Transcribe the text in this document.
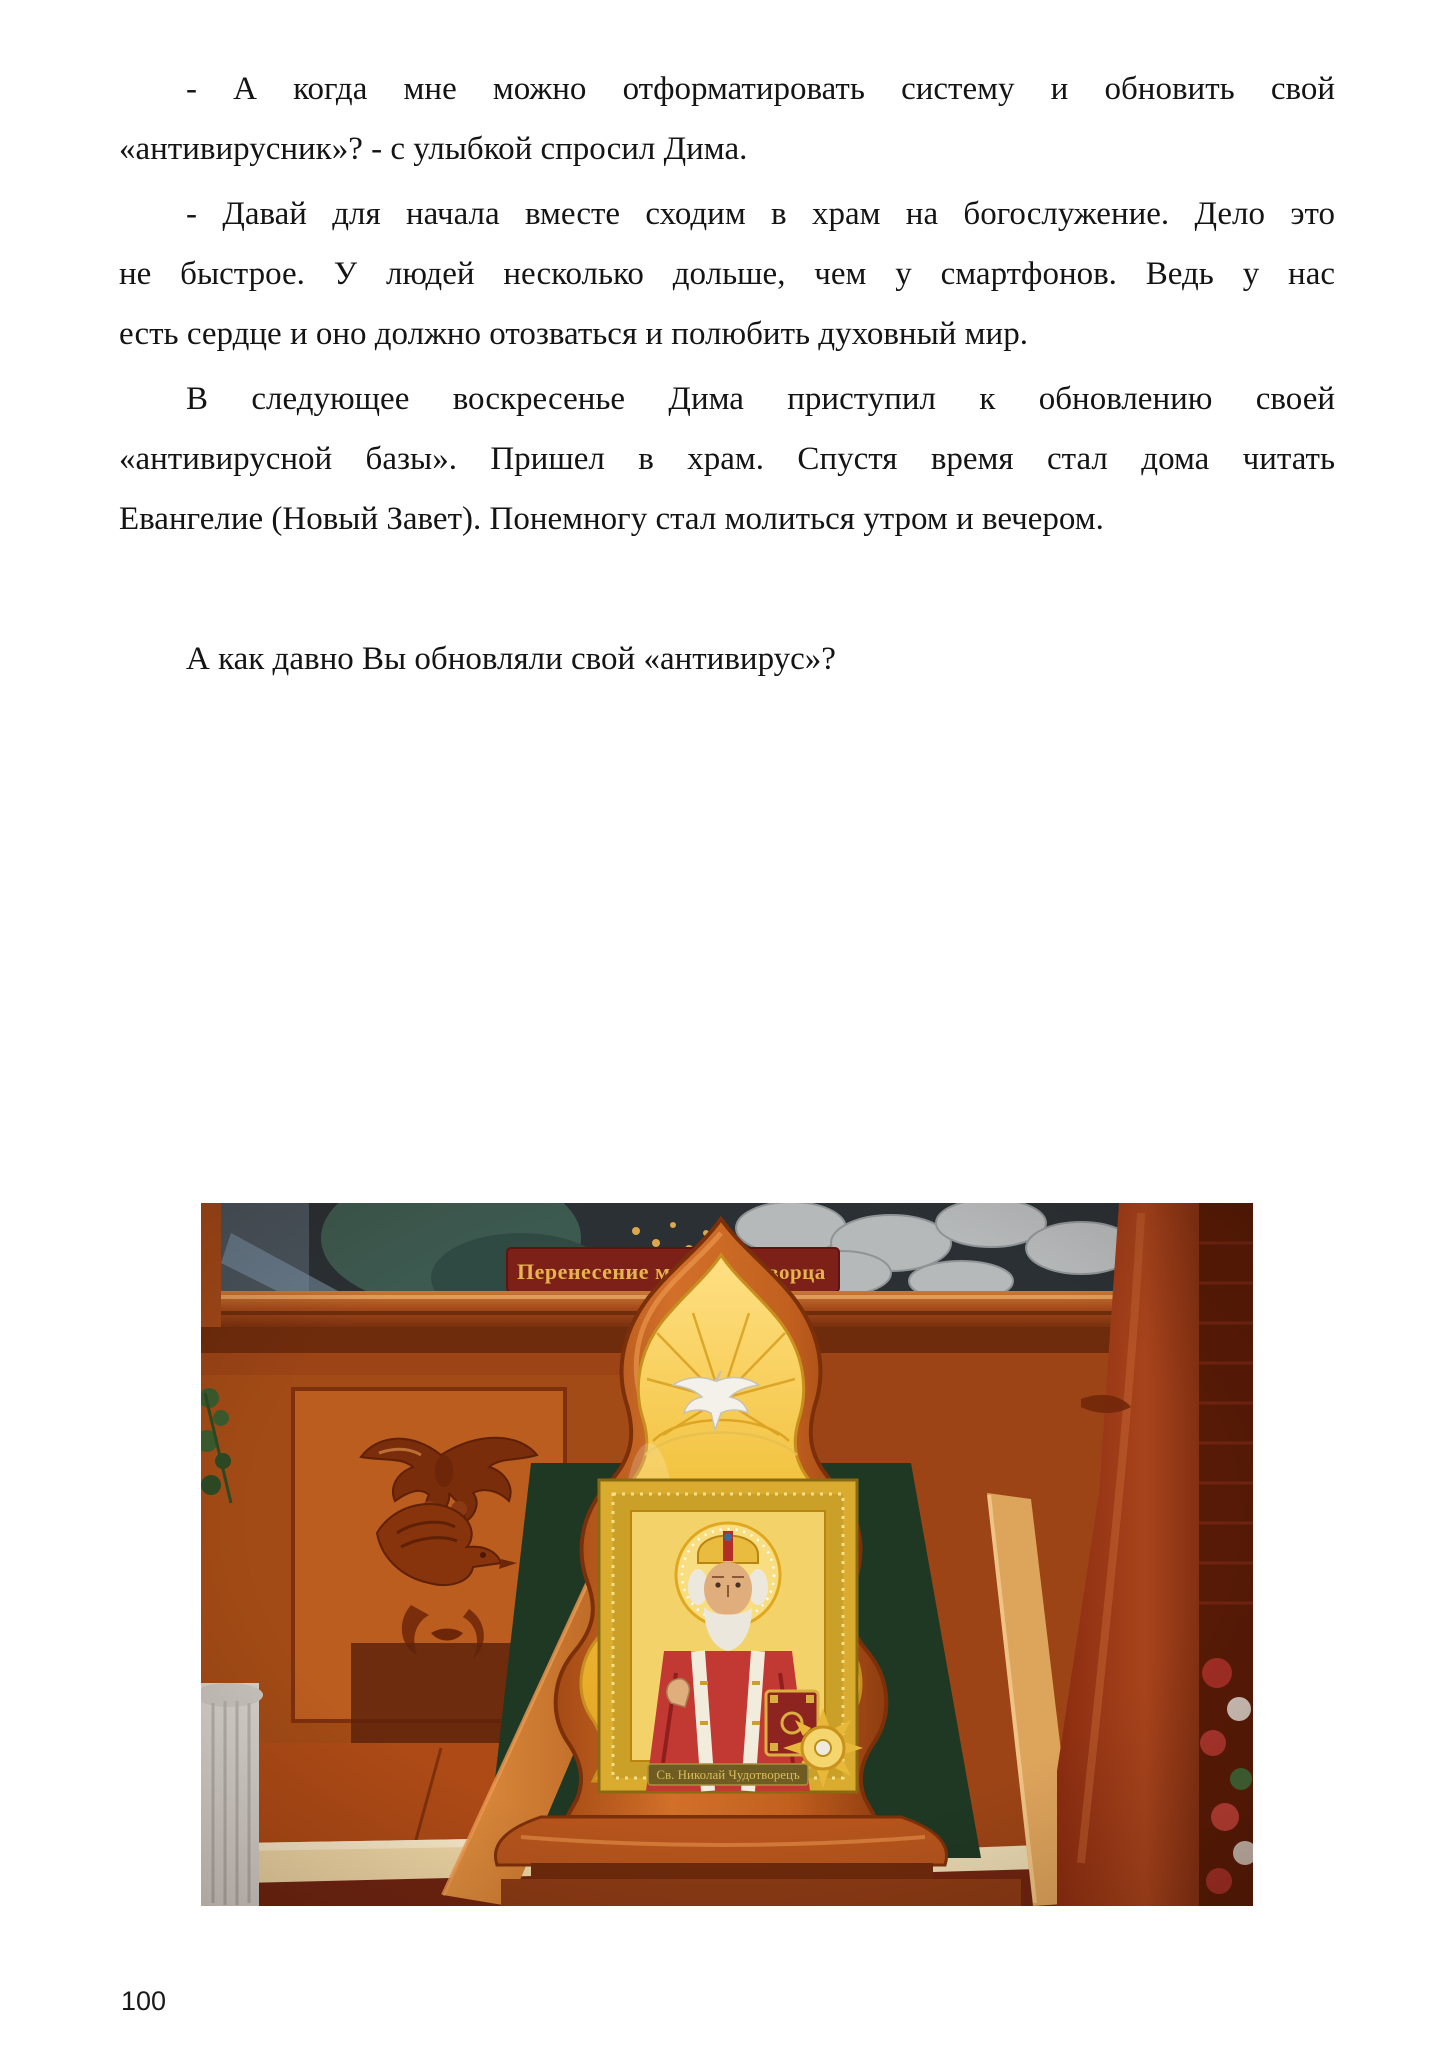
- А когда мне можно отформатировать систему и обновить свой
«антивирусник»? - с улыбкой спросил Дима.
- Давай для начала вместе сходим в храм на богослужение. Дело это
не быстрое. У людей несколько дольше, чем у смартфонов. Ведь у нас
есть сердце и оно должно отозваться и полюбить духовный мир.
В следующее воскресенье Дима приступил к обновлению своей
«антивирусной базы». Пришел в храм. Спустя время стал дома читать
Евангелие (Новый Завет). Понемногу стал молиться утром и вечером.
А как давно Вы обновляли свой «антивирус»?
100
